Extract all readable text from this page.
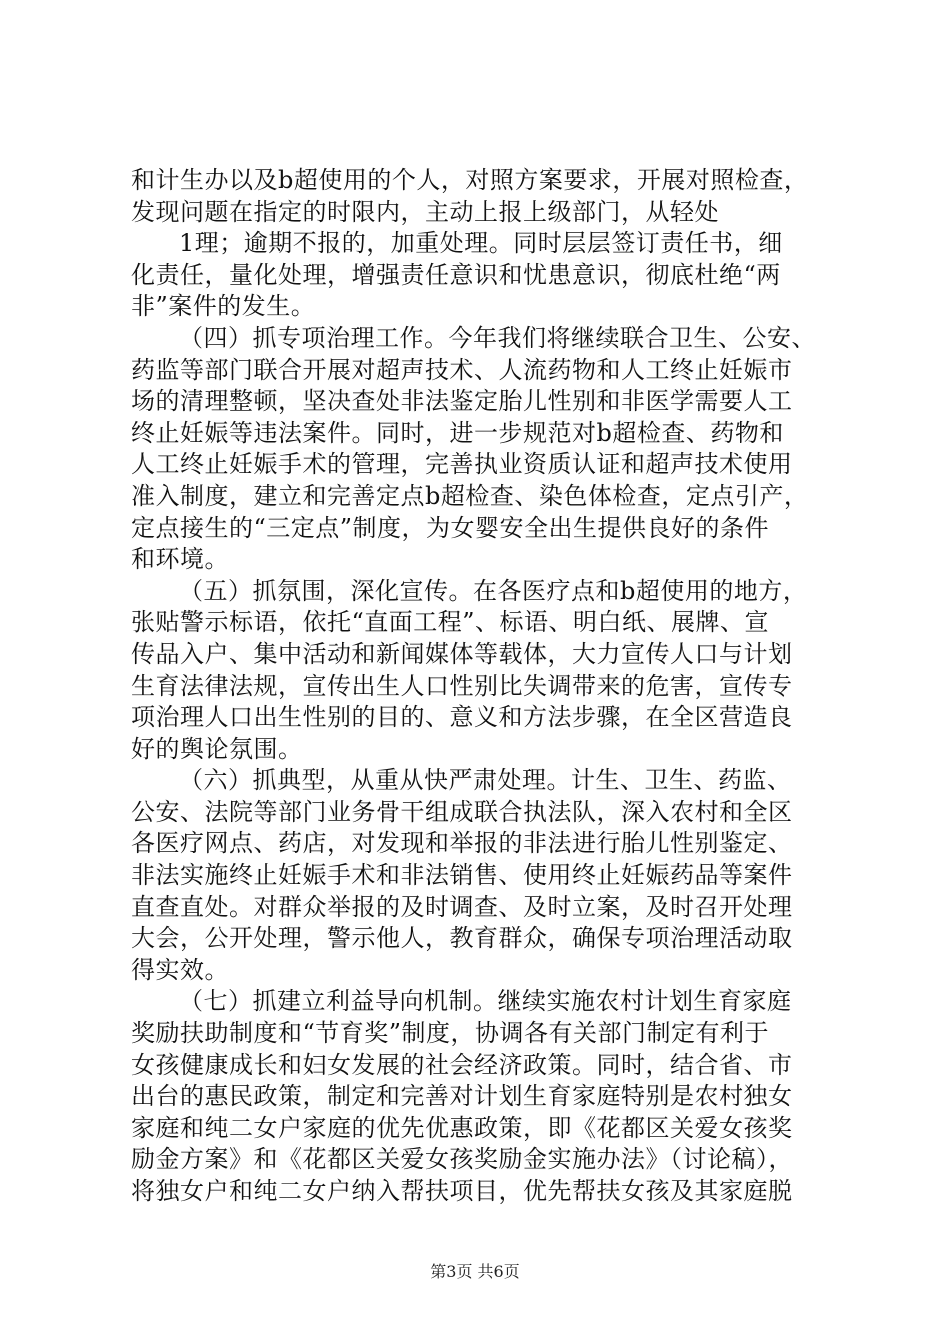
和计生办以及b超使用的个人，对照方案要求，开展对照检查，
发现问题在指定的时限内，主动上报上级部门，从轻处
1理；逾期不报的，加重处理。同时层层签订责任书，细
化责任，量化处理，增强责任意识和忧患意识，彻底杜绝“两
非”案件的发生。
（四）抓专项治理工作。今年我们将继续联合卫生、公安、
药监等部门联合开展对超声技术、人流药物和人工终止妊娠市
场的清理整顿，坚决查处非法鉴定胎儿性别和非医学需要人工
终止妊娠等违法案件。同时，进一步规范对b超检查、药物和
人工终止妊娠手术的管理，完善执业资质认证和超声技术使用
准入制度，建立和完善定点b超检查、染色体检查，定点引产，
定点接生的“三定点”制度，为女婴安全出生提供良好的条件
和环境。
（五）抓氛围，深化宣传。在各医疗点和b超使用的地方，
张贴警示标语，依托“直面工程”、标语、明白纸、展牌、宣
传品入户、集中活动和新闻媒体等载体，大力宣传人口与计划
生育法律法规，宣传出生人口性别比失调带来的危害，宣传专
项治理人口出生性别的目的、意义和方法步骤，在全区营造良
好的舆论氛围。
（六）抓典型，从重从快严肃处理。计生、卫生、药监、
公安、法院等部门业务骨干组成联合执法队，深入农村和全区
各医疗网点、药店，对发现和举报的非法进行胎儿性别鉴定、
非法实施终止妊娠手术和非法销售、使用终止妊娠药品等案件
直查直处。对群众举报的及时调查、及时立案，及时召开处理
大会，公开处理，警示他人，教育群众，确保专项治理活动取
得实效。
（七）抓建立利益导向机制。继续实施农村计划生育家庭
奖励扶助制度和“节育奖”制度，协调各有关部门制定有利于
女孩健康成长和妇女发展的社会经济政策。同时，结合省、市
出台的惠民政策，制定和完善对计划生育家庭特别是农村独女
家庭和纯二女户家庭的优先优惠政策，即《花都区关爱女孩奖
励金方案》和《花都区关爱女孩奖励金实施办法》（讨论稿），
将独女户和纯二女户纳入帮扶项目，优先帮扶女孩及其家庭脱
第3页 共6页
